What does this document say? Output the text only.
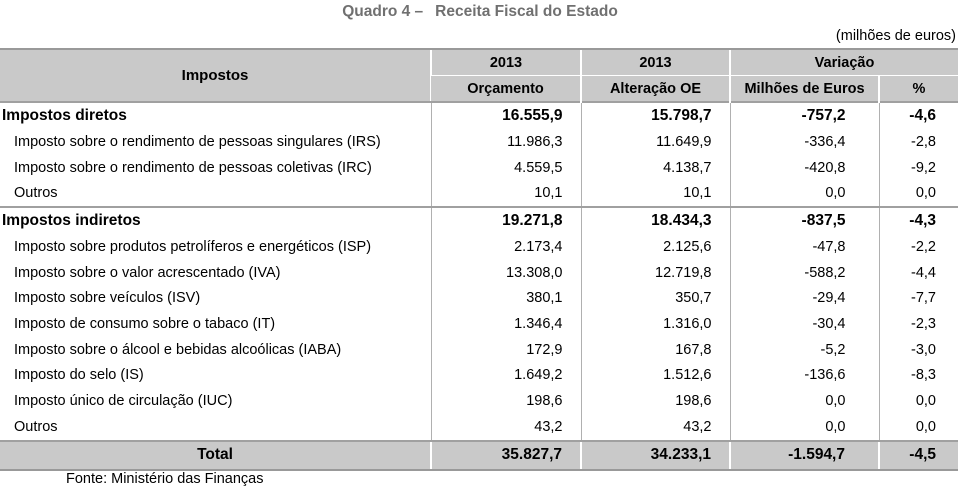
Quadro 4 – Receita Fiscal do Estado
(milhões de euros)
Impostos	2013	2013	Variação	
	Orçamento	Alteração OE	Milhões de Euros	%
Impostos diretos	16.555,9	15.798,7	-757,2	-4,6
Imposto sobre o rendimento de pessoas singulares (IRS)	11.986,3	11.649,9	-336,4	-2,8
Imposto sobre o rendimento de pessoas coletivas (IRC)	4.559,5	4.138,7	-420,8	-9,2
Outros	10,1	10,1	0,0	0,0
Impostos indiretos	19.271,8	18.434,3	-837,5	-4,3
Imposto sobre produtos petrolíferos e energéticos (ISP)	2.173,4	2.125,6	-47,8	-2,2
Imposto sobre o valor acrescentado (IVA)	13.308,0	12.719,8	-588,2	-4,4
Imposto sobre veículos (ISV)	380,1	350,7	-29,4	-7,7
Imposto de consumo sobre o tabaco (IT)	1.346,4	1.316,0	-30,4	-2,3
Imposto sobre o álcool e bebidas alcoólicas (IABA)	172,9	167,8	-5,2	-3,0
Imposto do selo (IS)	1.649,2	1.512,6	-136,6	-8,3
Imposto único de circulação (IUC)	198,6	198,6	0,0	0,0
Outros	43,2	43,2	0,0	0,0
Total	35.827,7	34.233,1	-1.594,7	-4,5
Fonte: Ministério das Finanças
